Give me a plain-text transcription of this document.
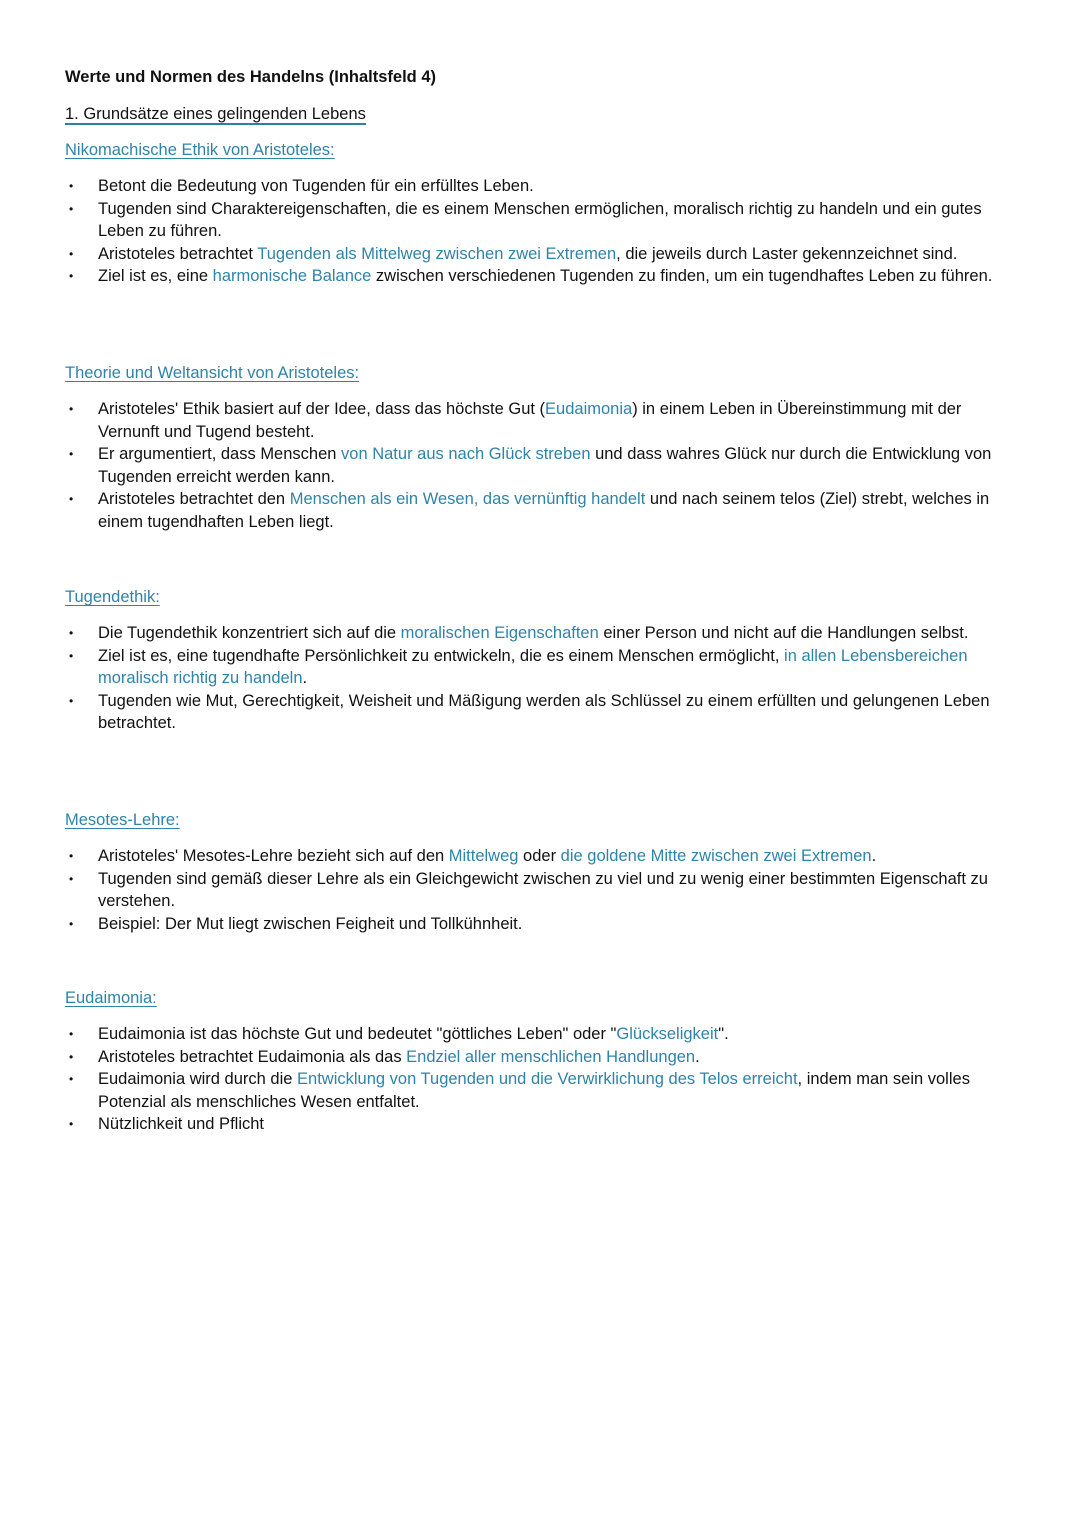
Werte und Normen des Handelns (Inhaltsfeld 4)
1. Grundsätze eines gelingenden Lebens
Nikomachische Ethik von Aristoteles:
• Betont die Bedeutung von Tugenden für ein erfülltes Leben.
• Tugenden sind Charaktereigenschaften, die es einem Menschen ermöglichen, moralisch richtig zu handeln und ein gutes Leben zu führen.
• Aristoteles betrachtet Tugenden als Mittelweg zwischen zwei Extremen, die jeweils durch Laster gekennzeichnet sind.
• Ziel ist es, eine harmonische Balance zwischen verschiedenen Tugenden zu finden, um ein tugendhaftes Leben zu führen.
Theorie und Weltansicht von Aristoteles:
• Aristoteles' Ethik basiert auf der Idee, dass das höchste Gut (Eudaimonia) in einem Leben in Übereinstimmung mit der Vernunft und Tugend besteht.
• Er argumentiert, dass Menschen von Natur aus nach Glück streben und dass wahres Glück nur durch die Entwicklung von Tugenden erreicht werden kann.
• Aristoteles betrachtet den Menschen als ein Wesen, das vernünftig handelt und nach seinem telos (Ziel) strebt, welches in einem tugendhaften Leben liegt.
Tugendethik:
• Die Tugendethik konzentriert sich auf die moralischen Eigenschaften einer Person und nicht auf die Handlungen selbst.
• Ziel ist es, eine tugendhafte Persönlichkeit zu entwickeln, die es einem Menschen ermöglicht, in allen Lebensbereichen moralisch richtig zu handeln.
• Tugenden wie Mut, Gerechtigkeit, Weisheit und Mäßigung werden als Schlüssel zu einem erfüllten und gelungenen Leben betrachtet.
Mesotes-Lehre:
• Aristoteles' Mesotes-Lehre bezieht sich auf den Mittelweg oder die goldene Mitte zwischen zwei Extremen.
• Tugenden sind gemäß dieser Lehre als ein Gleichgewicht zwischen zu viel und zu wenig einer bestimmten Eigenschaft zu verstehen.
• Beispiel: Der Mut liegt zwischen Feigheit und Tollkühnheit.
Eudaimonia:
• Eudaimonia ist das höchste Gut und bedeutet "göttliches Leben" oder "Glückseligkeit".
• Aristoteles betrachtet Eudaimonia als das Endziel aller menschlichen Handlungen.
• Eudaimonia wird durch die Entwicklung von Tugenden und die Verwirklichung des Telos erreicht, indem man sein volles Potenzial als menschliches Wesen entfaltet.
• Nützlichkeit und Pflicht
